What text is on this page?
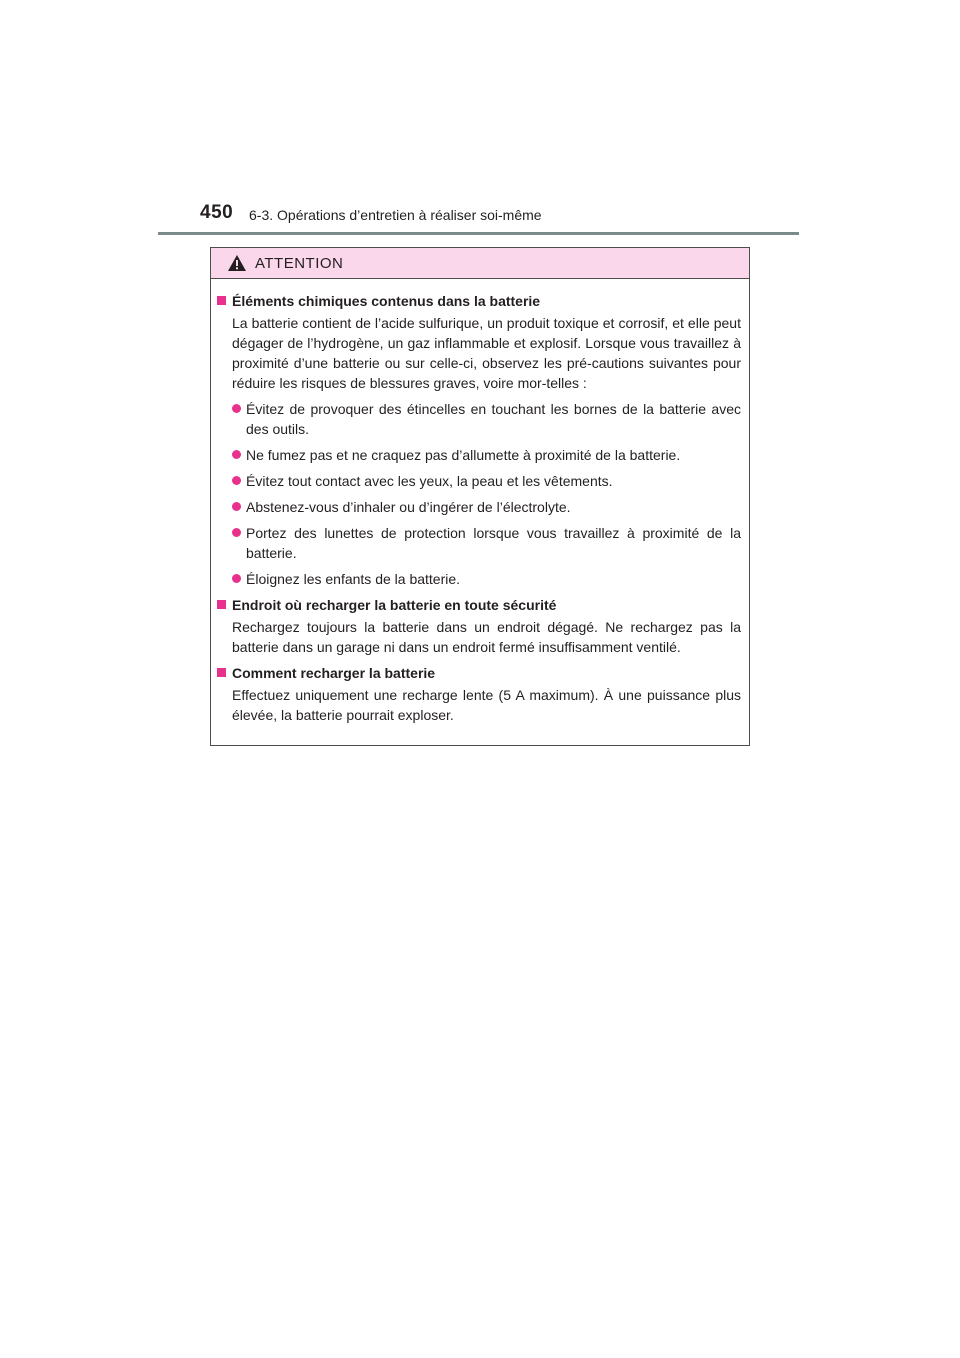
450 6-3. Opérations d’entretien à réaliser soi-même
ATTENTION
Éléments chimiques contenus dans la batterie
La batterie contient de l’acide sulfurique, un produit toxique et corrosif, et elle peut dégager de l’hydrogène, un gaz inflammable et explosif. Lorsque vous travaillez à proximité d’une batterie ou sur celle-ci, observez les pré-cautions suivantes pour réduire les risques de blessures graves, voire mor-telles :
Évitez de provoquer des étincelles en touchant les bornes de la batterie avec des outils.
Ne fumez pas et ne craquez pas d’allumette à proximité de la batterie.
Évitez tout contact avec les yeux, la peau et les vêtements.
Abstenez-vous d’inhaler ou d’ingérer de l’électrolyte.
Portez des lunettes de protection lorsque vous travaillez à proximité de la batterie.
Éloignez les enfants de la batterie.
Endroit où recharger la batterie en toute sécurité
Rechargez toujours la batterie dans un endroit dégagé. Ne rechargez pas la batterie dans un garage ni dans un endroit fermé insuffisamment ventilé.
Comment recharger la batterie
Effectuez uniquement une recharge lente (5 A maximum). À une puissance plus élevée, la batterie pourrait exploser.
